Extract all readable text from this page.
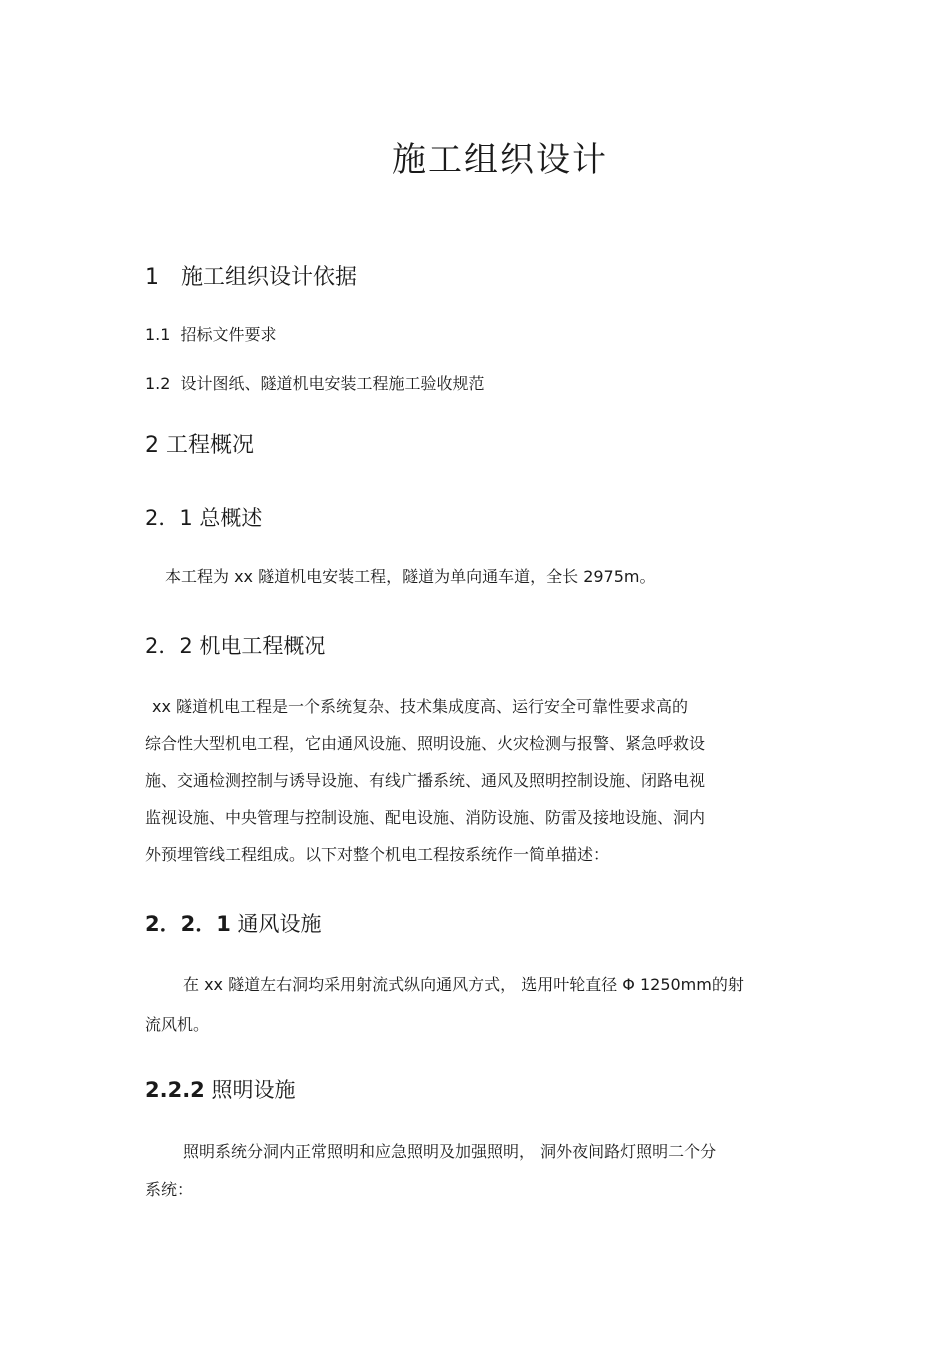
施工组织设计
1 施工组织设计依据
1.1 招标文件要求
1.2 设计图纸、隧道机电安装工程施工验收规范
2 工程概况
2．1 总概述
本工程为 xx 隧道机电安装工程，隧道为单向通车道，全长 2975m。
2．2 机电工程概况
xx 隧道机电工程是一个系统复杂、技术集成度高、运行安全可靠性要求高的
综合性大型机电工程，它由通风设施、照明设施、火灾检测与报警、紧急呼救设
施、交通检测控制与诱导设施、有线广播系统、通风及照明控制设施、闭路电视
监视设施、中央管理与控制设施、配电设施、消防设施、防雷及接地设施、洞内
外预埋管线工程组成。以下对整个机电工程按系统作一简单描述：
2．2．1 通风设施
在 xx 隧道左右洞均采用射流式纵向通风方式， 选用叶轮直径 Φ 1250mm的射
流风机。
2.2.2 照明设施
照明系统分洞内正常照明和应急照明及加强照明， 洞外夜间路灯照明二个分
系统：
